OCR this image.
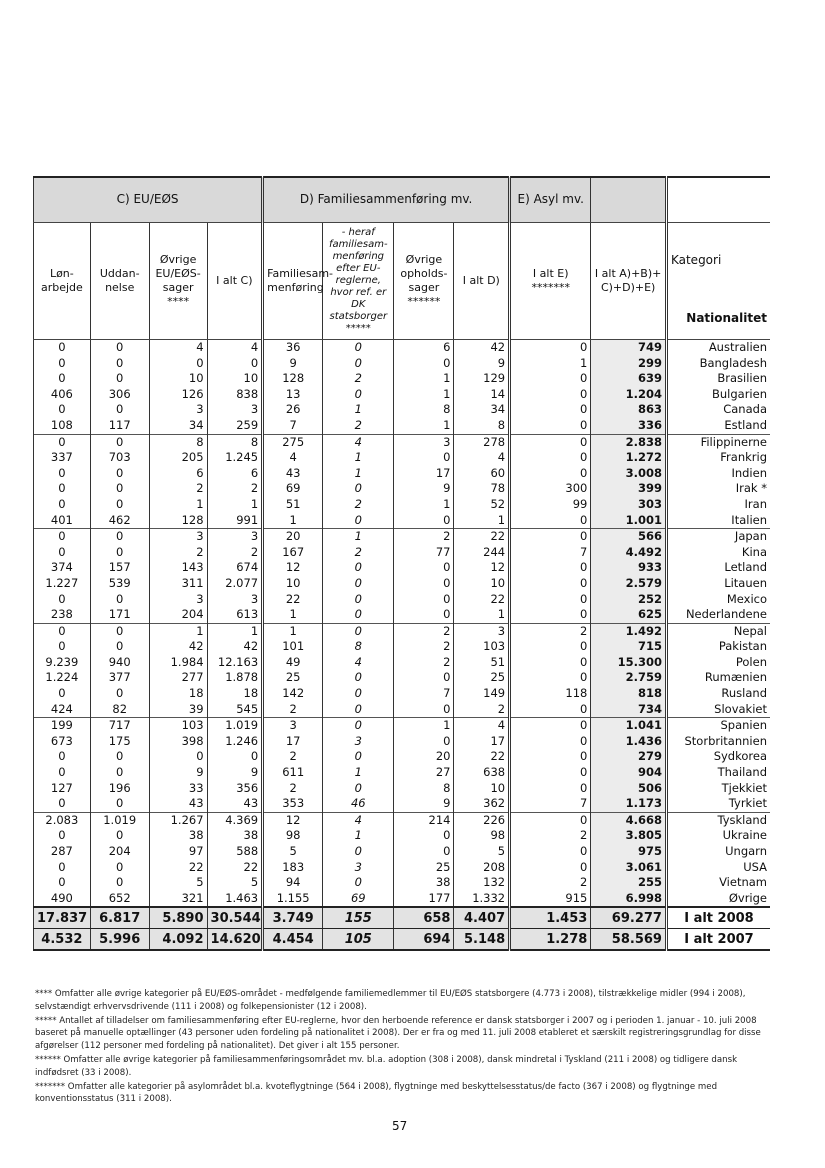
C) EU/EØS				D) Familiesammenføring mv.				E) Asyl mv.		
Løn-arbejde	Uddan-nelse	Øvrige EU/EØS-sager ****	I alt C)	Familiesam-menføring	- heraf familiesam-menføring efter EU-reglerne, hvor ref. er DK statsborger *****	Øvrige opholds-sager ******	I alt D)	I alt E) *******	I alt A)+B)+ C)+D)+E)	Kategori
Nationalitet

0	0	4	4	36	0	6	42	0	749	Australien
0	0	0	0	9	0	0	9	1	299	Bangladesh
0	0	10	10	128	2	1	129	0	639	Brasilien
406	306	126	838	13	0	1	14	0	1.204	Bulgarien
0	0	3	3	26	1	8	34	0	863	Canada
108	117	34	259	7	2	1	8	0	336	Estland
0	0	8	8	275	4	3	278	0	2.838	Filippinerne
337	703	205	1.245	4	1	0	4	0	1.272	Frankrig
0	0	6	6	43	1	17	60	0	3.008	Indien
0	0	2	2	69	0	9	78	300	399	Irak *
0	0	1	1	51	2	1	52	99	303	Iran
401	462	128	991	1	0	0	1	0	1.001	Italien
0	0	3	3	20	1	2	22	0	566	Japan
0	0	2	2	167	2	77	244	7	4.492	Kina
374	157	143	674	12	0	0	12	0	933	Letland
1.227	539	311	2.077	10	0	0	10	0	2.579	Litauen
0	0	3	3	22	0	0	22	0	252	Mexico
238	171	204	613	1	0	0	1	0	625	Nederlandene
0	0	1	1	1	0	2	3	2	1.492	Nepal
0	0	42	42	101	8	2	103	0	715	Pakistan
9.239	940	1.984	12.163	49	4	2	51	0	15.300	Polen
1.224	377	277	1.878	25	0	0	25	0	2.759	Rumænien
0	0	18	18	142	0	7	149	118	818	Rusland
424	82	39	545	2	0	0	2	0	734	Slovakiet
199	717	103	1.019	3	0	1	4	0	1.041	Spanien
673	175	398	1.246	17	3	0	17	0	1.436	Storbritannien
0	0	0	0	2	0	20	22	0	279	Sydkorea
0	0	9	9	611	1	27	638	0	904	Thailand
127	196	33	356	2	0	8	10	0	506	Tjekkiet
0	0	43	43	353	46	9	362	7	1.173	Tyrkiet
2.083	1.019	1.267	4.369	12	4	214	226	0	4.668	Tyskland
0	0	38	38	98	1	0	98	2	3.805	Ukraine
287	204	97	588	5	0	0	5	0	975	Ungarn
0	0	22	22	183	3	25	208	0	3.061	USA
0	0	5	5	94	0	38	132	2	255	Vietnam
490	652	321	1.463	1.155	69	177	1.332	915	6.998	Øvrige
17.837	6.817	5.890	30.544	3.749	155	658	4.407	1.453	69.277	I alt 2008
4.532	5.996	4.092	14.620	4.454	105	694	5.148	1.278	58.569	I alt 2007

**** Omfatter alle øvrige kategorier på EU/EØS-området - medfølgende familiemedlemmer til EU/EØS statsborgere (4.773 i 2008), tilstrækkelige midler (994 i 2008), selvstændigt erhvervsdrivende (111 i 2008) og folkepensionister (12 i 2008).

***** Antallet af tilladelser om familiesammenføring efter EU-reglerne, hvor den herboende reference er dansk statsborger i 2007 og i perioden 1. januar - 10. juli 2008 baseret på manuelle optællinger (43 personer uden fordeling på nationalitet i 2008). Der er fra og med 11. juli 2008 etableret et særskilt registreringsgrundlag for disse afgørelser (112 personer med fordeling på nationalitet). Det giver i alt 155 personer.

****** Omfatter alle øvrige kategorier på familiesammenføringsområdet mv. bl.a. adoption (308 i 2008), dansk mindretal i Tyskland (211 i 2008) og tidligere dansk indfødsret (33 i 2008).

******* Omfatter alle kategorier på asylområdet bl.a. kvoteflygtninge (564 i 2008), flygtninge med beskyttelsesstatus/de facto (367 i 2008) og flygtninge med konventionsstatus (311 i 2008).

57
